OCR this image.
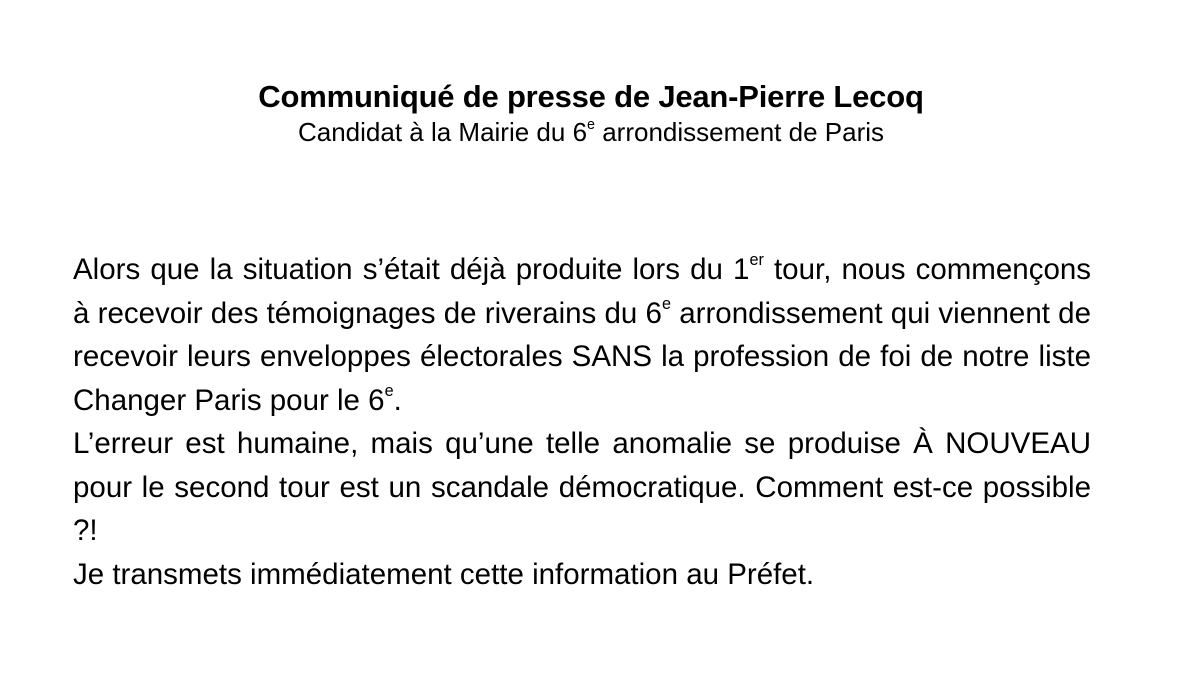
Communiqué de presse de Jean-Pierre Lecoq

Candidat à la Mairie du 6e arrondissement de Paris

Alors que la situation s’était déjà produite lors du 1er tour, nous commençons à recevoir des témoignages de riverains du 6e arrondissement qui viennent de recevoir leurs enveloppes électorales SANS la profession de foi de notre liste Changer Paris pour le 6e.

L’erreur est humaine, mais qu’une telle anomalie se produise À NOUVEAU pour le second tour est un scandale démocratique. Comment est-ce possible ?!

Je transmets immédiatement cette information au Préfet.
